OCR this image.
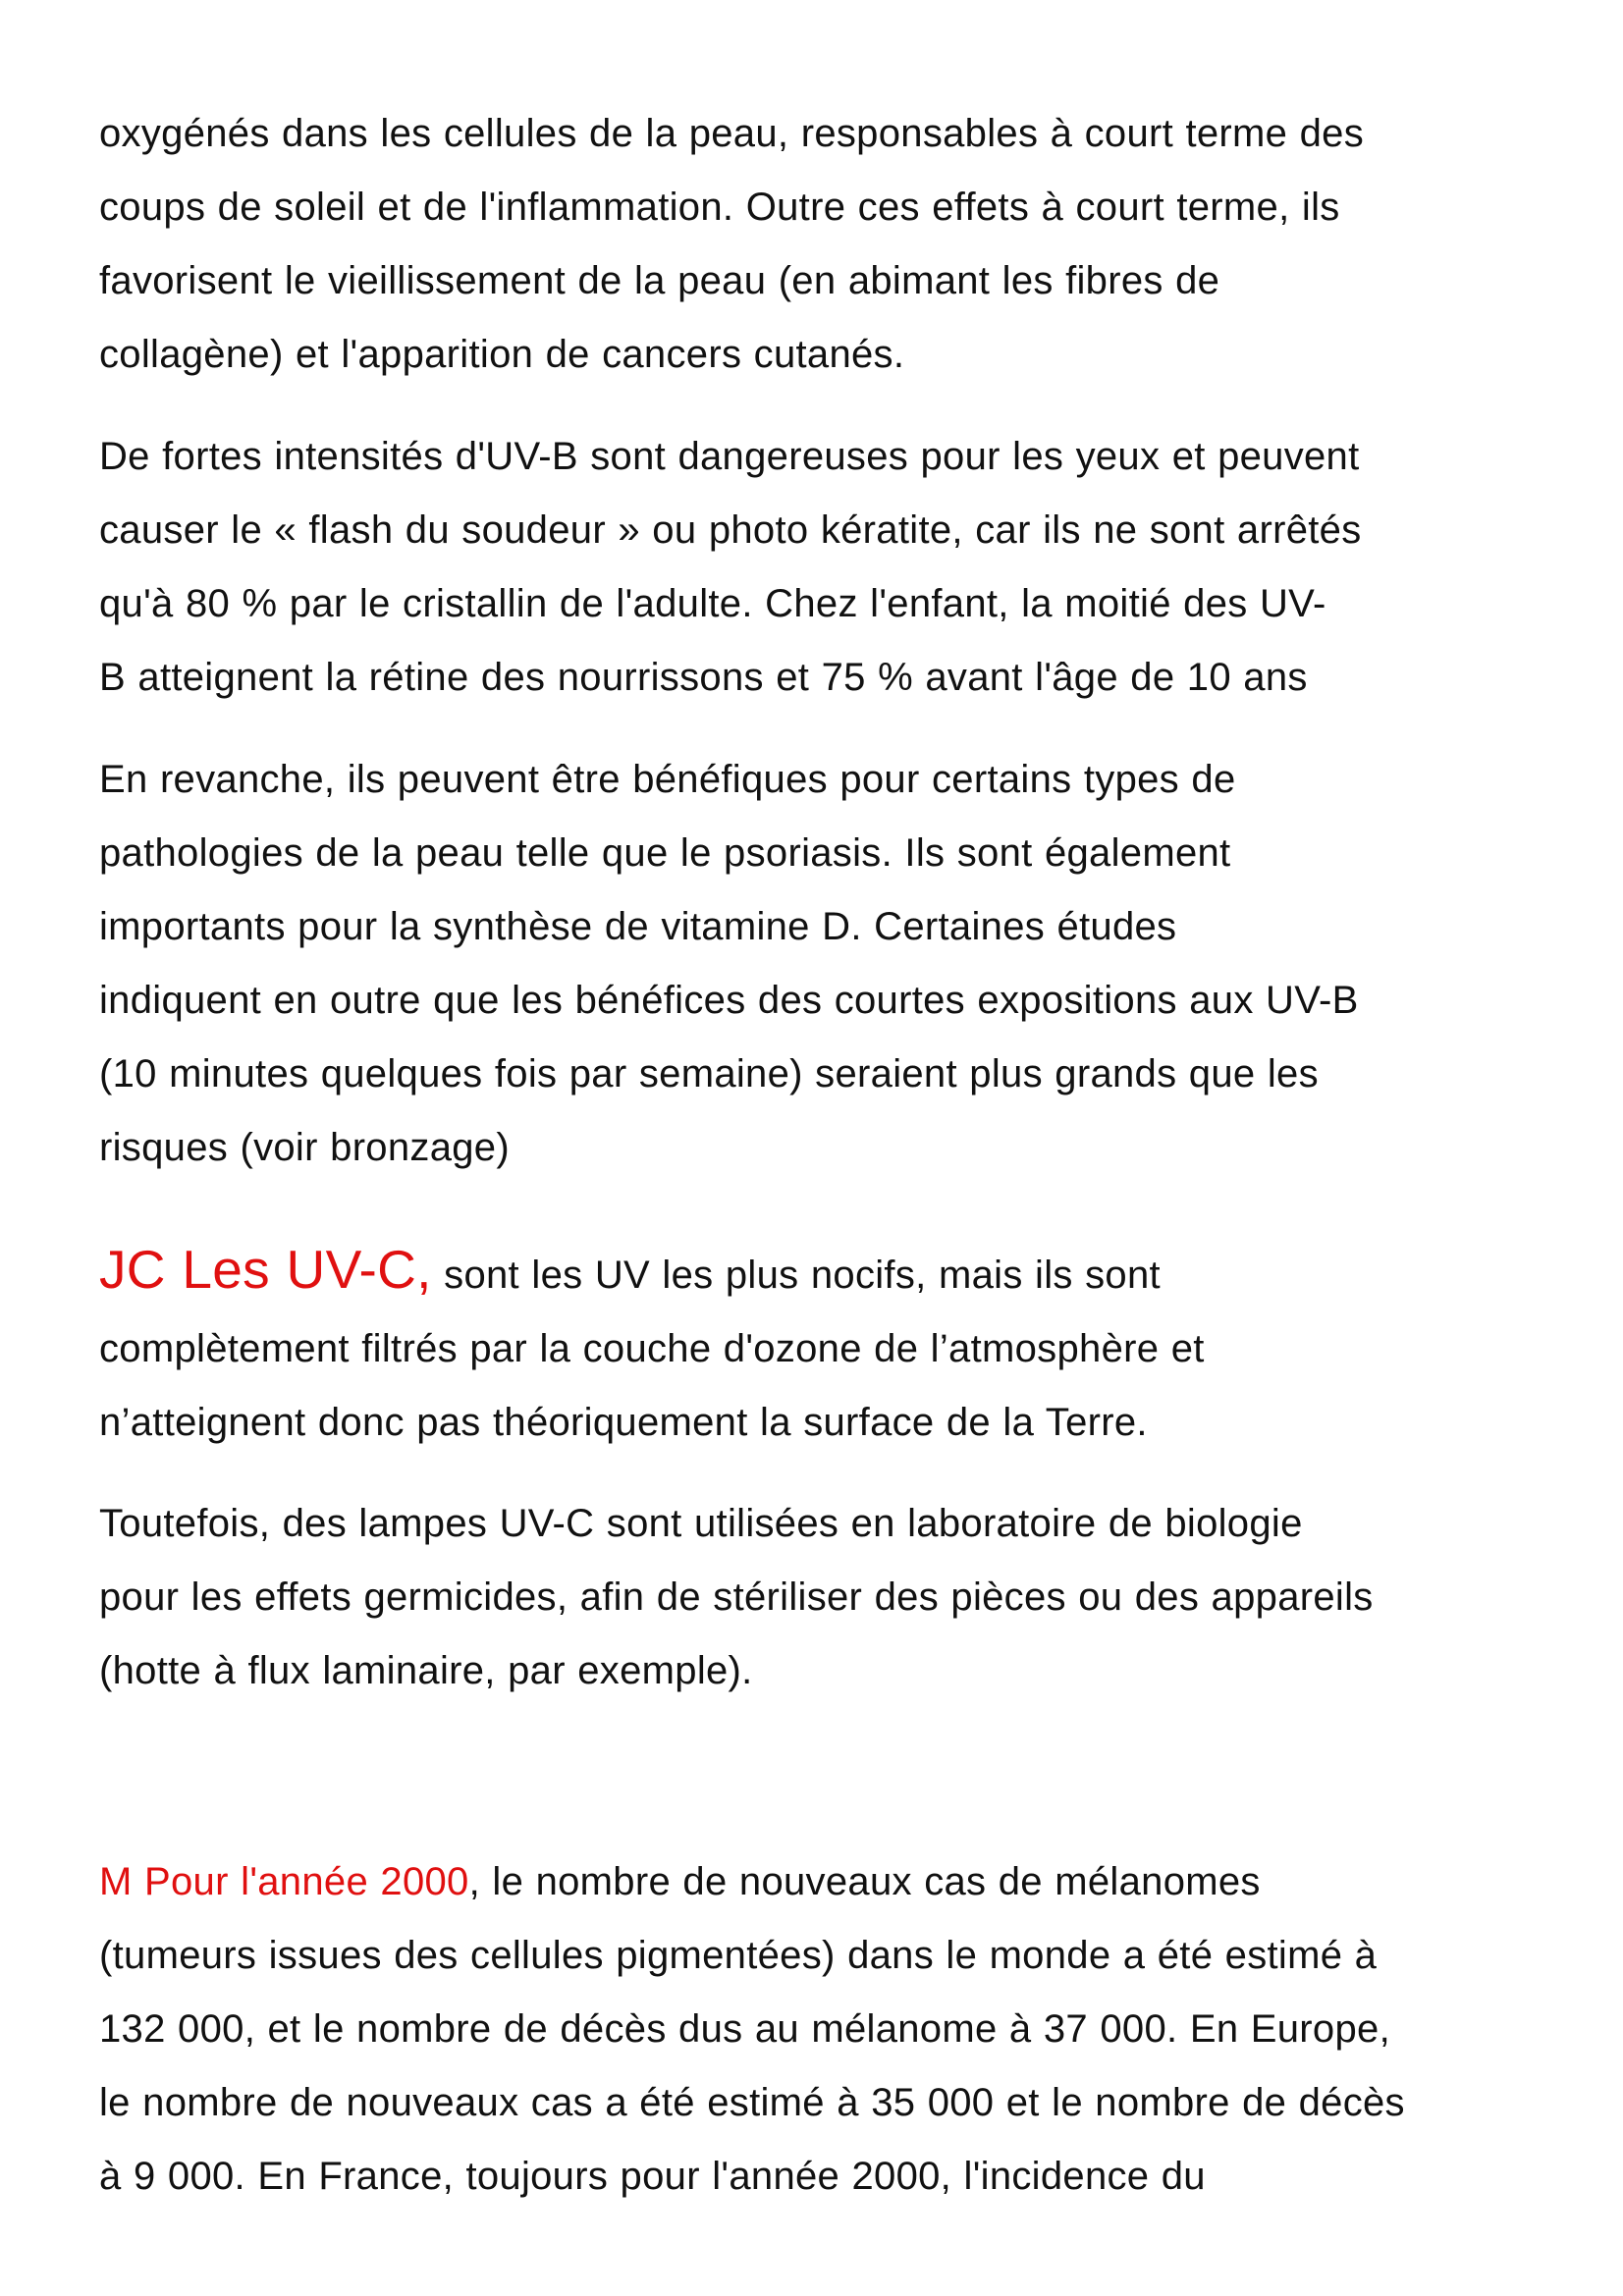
oxygénés dans les cellules de la peau, responsables à court terme des
coups de soleil et de l'inflammation. Outre ces effets à court terme, ils
favorisent le vieillissement de la peau (en abimant les fibres de
collagène) et l'apparition de cancers cutanés.

De fortes intensités d'UV-B sont dangereuses pour les yeux et peuvent
causer le « flash du soudeur » ou photo kératite, car ils ne sont arrêtés
qu'à 80 % par le cristallin de l'adulte. Chez l'enfant, la moitié des UV-
B atteignent la rétine des nourrissons et 75 % avant l'âge de 10 ans

En revanche, ils peuvent être bénéfiques pour certains types de
pathologies de la peau telle que le psoriasis. Ils sont également
importants pour la synthèse de vitamine D. Certaines études
indiquent en outre que les bénéfices des courtes expositions aux UV-B
(10 minutes quelques fois par semaine) seraient plus grands que les
risques (voir bronzage)

JC Les UV-C, sont les UV les plus nocifs, mais ils sont
complètement filtrés par la couche d'ozone de l’atmosphère et
n’atteignent donc pas théoriquement la surface de la Terre.

Toutefois, des lampes UV-C sont utilisées en laboratoire de biologie
pour les effets germicides, afin de stériliser des pièces ou des appareils
(hotte à flux laminaire, par exemple).

M Pour l'année 2000, le nombre de nouveaux cas de mélanomes
(tumeurs issues des cellules pigmentées) dans le monde a été estimé à
132 000, et le nombre de décès dus au mélanome à 37 000. En Europe,
le nombre de nouveaux cas a été estimé à 35 000 et le nombre de décès
à 9 000. En France, toujours pour l'année 2000, l'incidence du
